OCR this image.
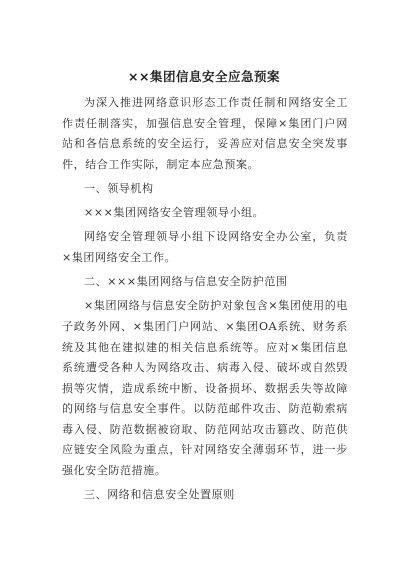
××集团信息安全应急预案

为深入推进网络意识形态工作责任制和网络安全工作责任制落实，加强信息安全管理，保障×集团门户网站和各信息系统的安全运行，妥善应对信息安全突发事件，结合工作实际，制定本应急预案。

一、领导机构

×××集团网络安全管理领导小组。

网络安全管理领导小组下设网络安全办公室，负责×集团网络安全工作。

二、×××集团网络与信息安全防护范围

×集团网络与信息安全防护对象包含×集团使用的电子政务外网、×集团门户网站、×集团OA系统、财务系统及其他在建拟建的相关信息系统等。应对×集团信息系统遭受各种人为网络攻击、病毒入侵、破坏或自然毁损等灾情，造成系统中断、设备损坏、数据丢失等故障的网络与信息安全事件。以防范邮件攻击、防范勒索病毒入侵、防范数据被窃取、防范网站攻击篡改、防范供应链安全风险为重点，针对网络安全薄弱环节，进一步强化安全防范措施。

三、网络和信息安全处置原则
